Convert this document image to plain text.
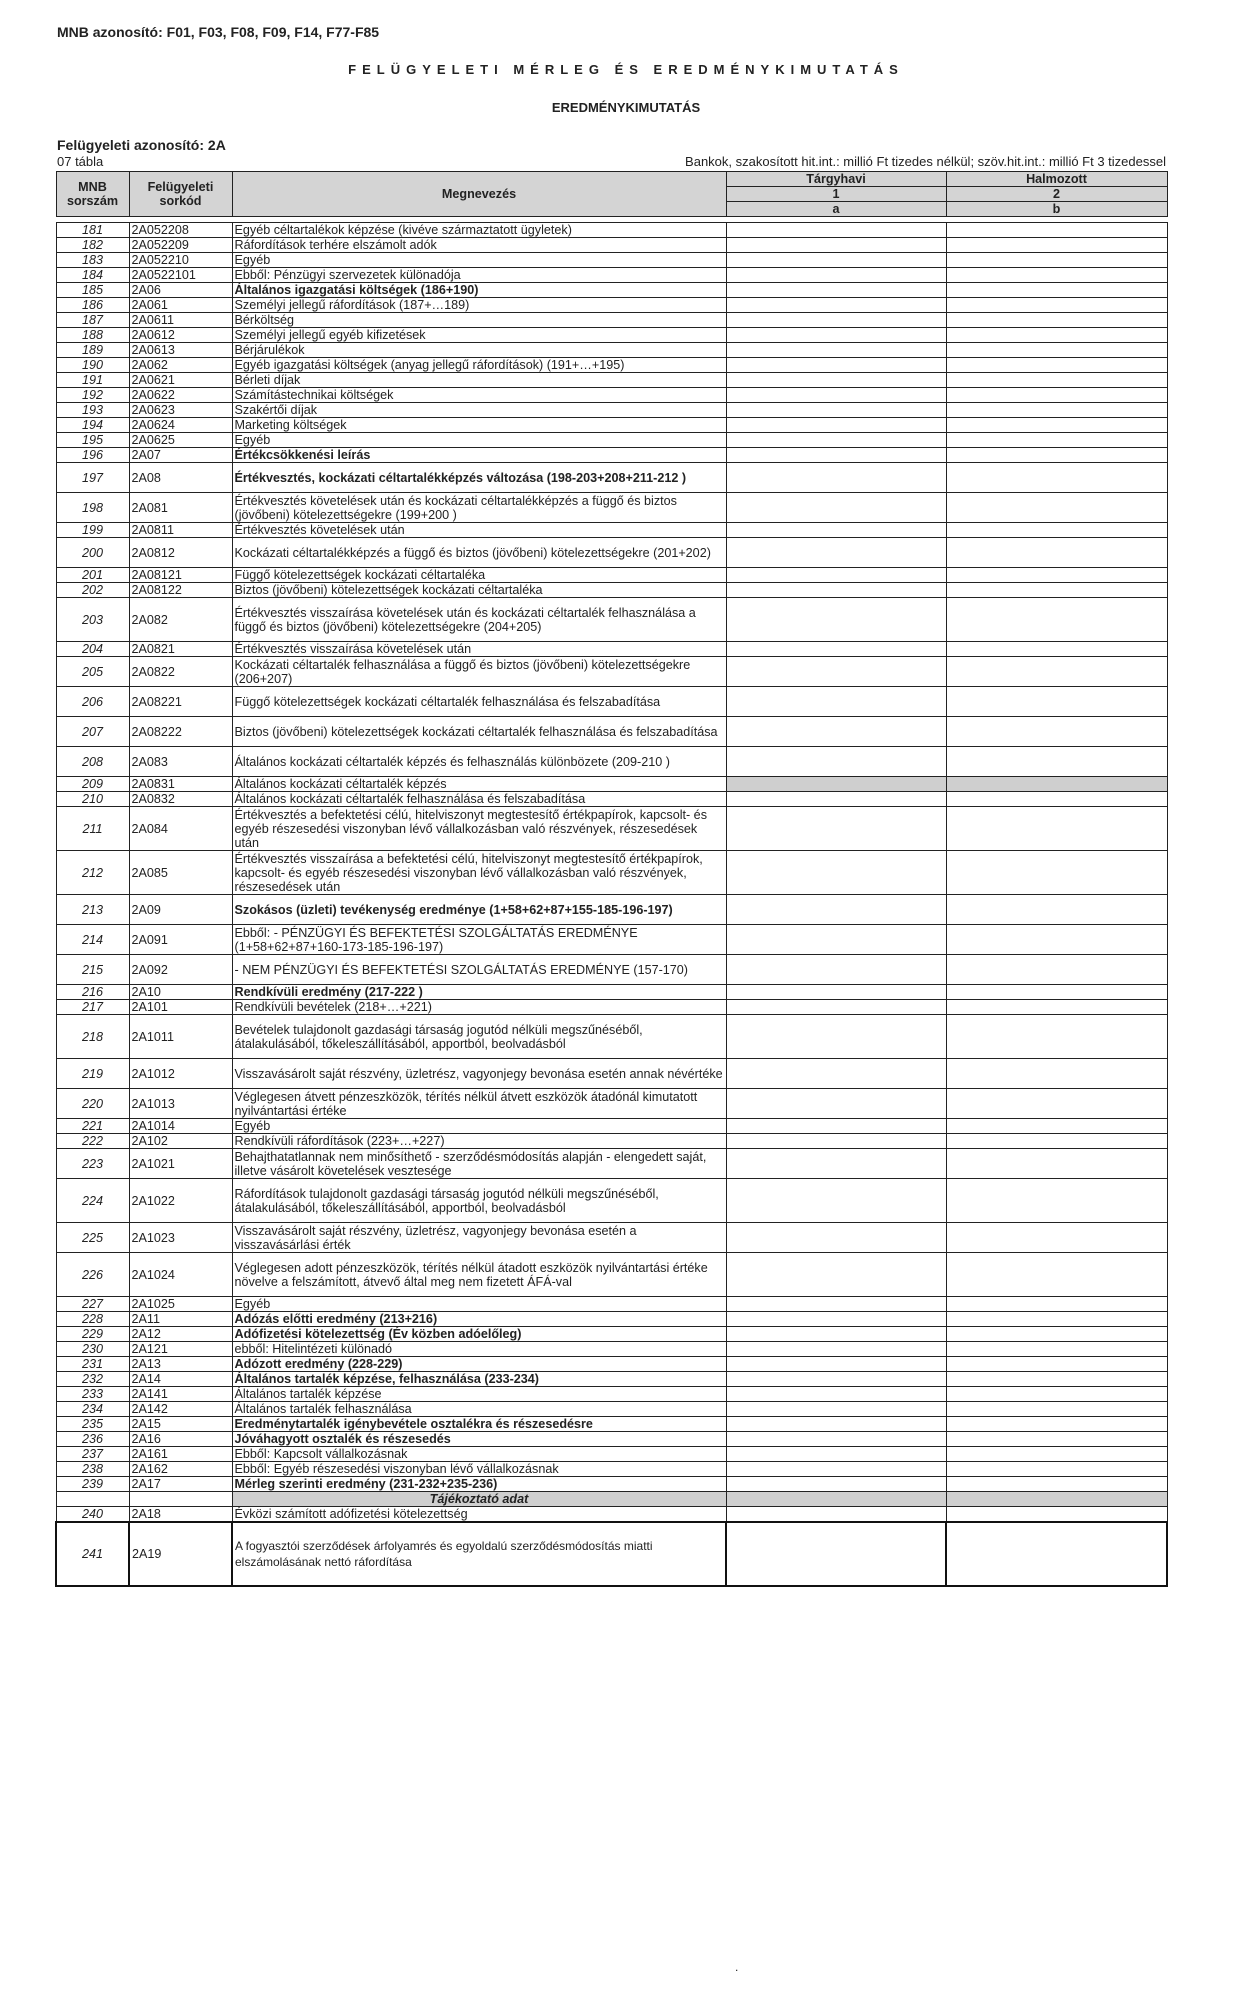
MNB azonosító: F01, F03, F08, F09, F14, F77-F85
FELÜGYELETI MÉRLEG ÉS EREDMÉNYKIMUTATÁS
EREDMÉNYKIMUTATÁS
Felügyeleti azonosító: 2A
07 tábla	Bankok, szakosított hit.int.: millió Ft tizedes nélkül; szöv.hit.int.: millió Ft 3 tizedessel
MNB sorszám	Felügyeleti sorkód	Megnevezés	Tárgyhavi	Halmozott
			1	2
			a	b

181	2A052208	Egyéb céltartalékok képzése (kivéve származtatott ügyletek)		
182	2A052209	Ráfordítások terhére elszámolt adók		
183	2A052210	Egyéb		
184	2A0522101	Ebből: Pénzügyi szervezetek különadója		
185	2A06	Általános igazgatási költségek (186+190)		
186	2A061	Személyi jellegű ráfordítások (187+…189)		
187	2A0611	Bérköltség		
188	2A0612	Személyi jellegű egyéb kifizetések		
189	2A0613	Bérjárulékok		
190	2A062	Egyéb igazgatási költségek (anyag jellegű ráfordítások) (191+…+195)		
191	2A0621	Bérleti díjak		
192	2A0622	Számítástechnikai költségek		
193	2A0623	Szakértői díjak		
194	2A0624	Marketing költségek		
195	2A0625	Egyéb		
196	2A07	Értékcsökkenési leírás		
197	2A08	Értékvesztés, kockázati céltartalékképzés változása (198-203+208+211-212 )		
198	2A081	Értékvesztés követelések után és kockázati céltartalékképzés a függő és biztos (jövőbeni) kötelezettségekre (199+200 )		
199	2A0811	Értékvesztés követelések után		
200	2A0812	Kockázati céltartalékképzés a függő és biztos (jövőbeni) kötelezettségekre (201+202)		
201	2A08121	Függő kötelezettségek kockázati céltartaléka		
202	2A08122	Biztos (jövőbeni) kötelezettségek kockázati céltartaléka		
203	2A082	Értékvesztés visszaírása követelések után és kockázati céltartalék felhasználása a függő és biztos (jövőbeni) kötelezettségekre (204+205)		
204	2A0821	Értékvesztés visszaírása követelések után		
205	2A0822	Kockázati céltartalék felhasználása a függő és biztos (jövőbeni) kötelezettségekre (206+207)		
206	2A08221	Függő kötelezettségek kockázati céltartalék felhasználása és felszabadítása		
207	2A08222	Biztos (jövőbeni) kötelezettségek kockázati céltartalék felhasználása és felszabadítása		
208	2A083	Általános kockázati céltartalék képzés és felhasználás különbözete (209-210 )		
209	2A0831	Általános kockázati céltartalék képzés		
210	2A0832	Általános kockázati céltartalék felhasználása és felszabadítása		
211	2A084	Értékvesztés a befektetési célú, hitelviszonyt megtestesítő értékpapírok, kapcsolt- és egyéb részesedési viszonyban lévő vállalkozásban való részvények, részesedések után		
212	2A085	Értékvesztés visszaírása a befektetési célú, hitelviszonyt megtestesítő értékpapírok, kapcsolt- és egyéb részesedési viszonyban lévő vállalkozásban való részvények, részesedések után		
213	2A09	Szokásos (üzleti) tevékenység eredménye (1+58+62+87+155-185-196-197)		
214	2A091	Ebből: - PÉNZÜGYI ÉS BEFEKTETÉSI SZOLGÁLTATÁS EREDMÉNYE (1+58+62+87+160-173-185-196-197)		
215	2A092	- NEM PÉNZÜGYI ÉS BEFEKTETÉSI SZOLGÁLTATÁS EREDMÉNYE (157-170)		
216	2A10	Rendkívüli eredmény (217-222 )		
217	2A101	Rendkívüli bevételek (218+…+221)		
218	2A1011	Bevételek tulajdonolt gazdasági társaság jogutód nélküli megszűnéséből, átalakulásából, tőkeleszállításából, apportból, beolvadásból		
219	2A1012	Visszavásárolt saját részvény, üzletrész, vagyonjegy bevonása esetén annak névértéke		
220	2A1013	Véglegesen átvett pénzeszközök, térítés nélkül átvett eszközök átadónál kimutatott nyilvántartási értéke		
221	2A1014	Egyéb		
222	2A102	Rendkívüli ráfordítások (223+…+227)		
223	2A1021	Behajthatatlannak nem minősíthető - szerződésmódosítás alapján - elengedett saját, illetve vásárolt követelések vesztesége		
224	2A1022	Ráfordítások tulajdonolt gazdasági társaság jogutód nélküli megszűnéséből, átalakulásából, tőkeleszállításából, apportból, beolvadásból		
225	2A1023	Visszavásárolt saját részvény, üzletrész, vagyonjegy bevonása esetén a visszavásárlási érték		
226	2A1024	Véglegesen adott pénzeszközök, térítés nélkül átadott eszközök nyilvántartási értéke növelve a felszámított, átvevő által meg nem fizetett ÁFÁ-val		
227	2A1025	Egyéb		
228	2A11	Adózás előtti eredmény (213+216)		
229	2A12	Adófizetési kötelezettség (Év közben adóelőleg)		
230	2A121	ebből: Hitelintézeti különadó		
231	2A13	Adózott eredmény (228-229)		
232	2A14	Általános tartalék képzése, felhasználása (233-234)		
233	2A141	Általános tartalék képzése		
234	2A142	Általános tartalék felhasználása		
235	2A15	Eredménytartalék igénybevétele osztalékra és részesedésre		
236	2A16	Jóváhagyott osztalék és részesedés		
237	2A161	Ebből: Kapcsolt vállalkozásnak		
238	2A162	Ebből: Egyéb részesedési viszonyban lévő vállalkozásnak		
239	2A17	Mérleg szerinti eredmény (231-232+235-236)		
		Tájékoztató adat		
240	2A18	Évközi számított adófizetési kötelezettség		
241	2A19	A fogyasztói szerződések árfolyamrés és egyoldalú szerződésmódosítás miatti elszámolásának nettó ráfordítása		
.
